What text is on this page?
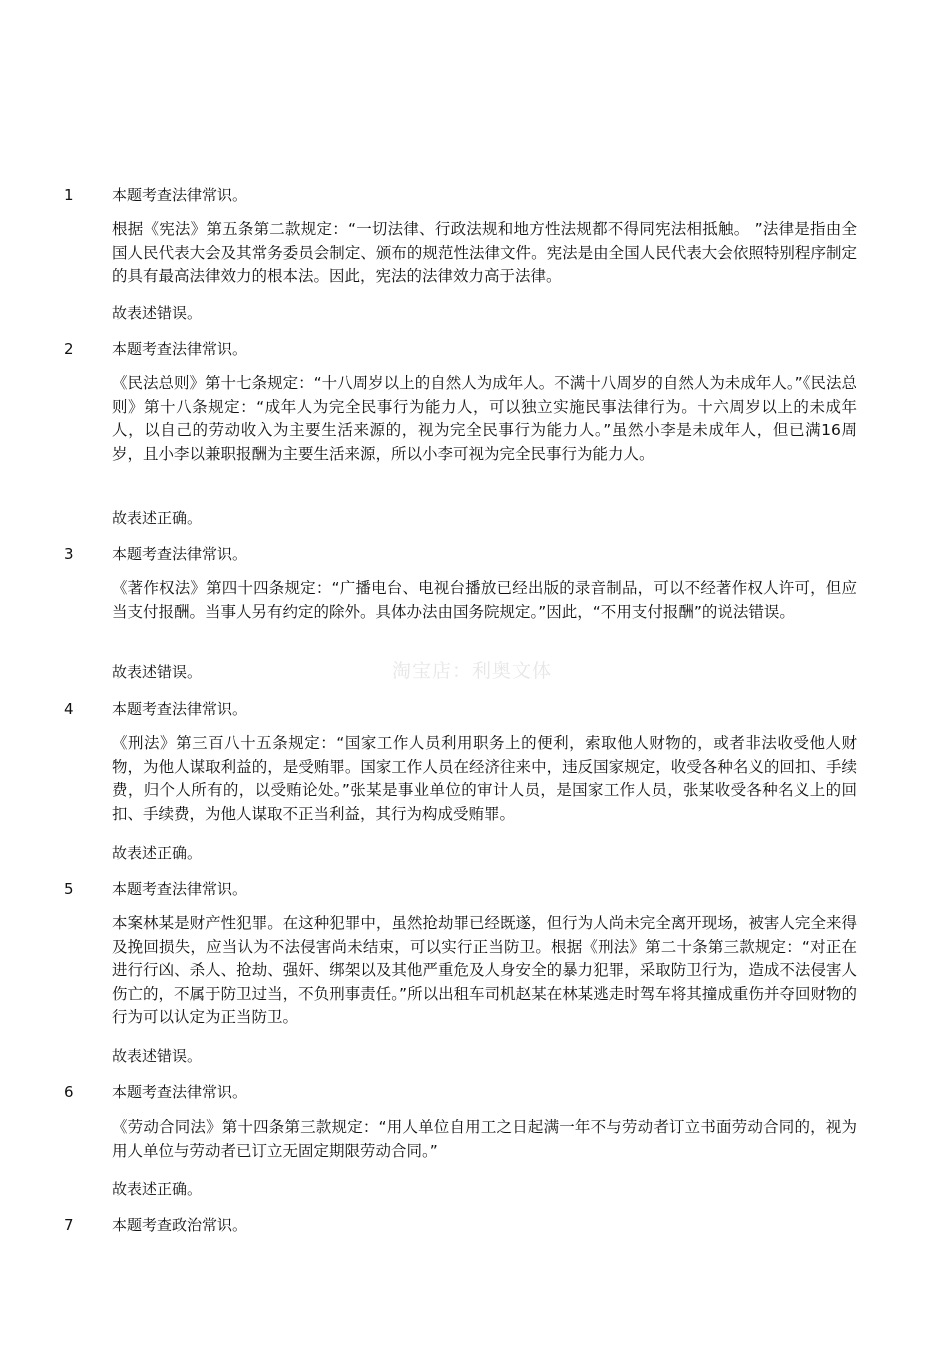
淘宝店：利奥文体
1	本题考查法律常识。
根据《宪法》第五条第二款规定：“一切法律、行政法规和地方性法规都不得同宪法相抵触。 ”法律是指由全国人民代表大会及其常务委员会制定、颁布的规范性法律文件。宪法是由全国人民代表大会依照特别程序制定的具有最高法律效力的根本法。因此，宪法的法律效力高于法律。
故表述错误。
2	本题考查法律常识。
《民法总则》第十七条规定：“十八周岁以上的自然人为成年人。不满十八周岁的自然人为未成年人。”《民法总则》第十八条规定：“成年人为完全民事行为能力人，可以独立实施民事法律行为。十六周岁以上的未成年人，以自己的劳动收入为主要生活来源的，视为完全民事行为能力人。”虽然小李是未成年人，但已满16周岁，且小李以兼职报酬为主要生活来源，所以小李可视为完全民事行为能力人。
故表述正确。
3	本题考查法律常识。
《著作权法》第四十四条规定：“广播电台、电视台播放已经出版的录音制品，可以不经著作权人许可，但应当支付报酬。当事人另有约定的除外。具体办法由国务院规定。”因此，“不用支付报酬”的说法错误。
故表述错误。
4	本题考查法律常识。
《刑法》第三百八十五条规定：“国家工作人员利用职务上的便利，索取他人财物的，或者非法收受他人财物，为他人谋取利益的，是受贿罪。国家工作人员在经济往来中，违反国家规定，收受各种名义的回扣、手续费，归个人所有的，以受贿论处。”张某是事业单位的审计人员，是国家工作人员，张某收受各种名义上的回扣、手续费，为他人谋取不正当利益，其行为构成受贿罪。
故表述正确。
5	本题考查法律常识。
本案林某是财产性犯罪。在这种犯罪中，虽然抢劫罪已经既遂，但行为人尚未完全离开现场，被害人完全来得及挽回损失，应当认为不法侵害尚未结束，可以实行正当防卫。根据《刑法》第二十条第三款规定：“对正在进行行凶、杀人、抢劫、强奸、绑架以及其他严重危及人身安全的暴力犯罪，采取防卫行为，造成不法侵害人伤亡的，不属于防卫过当，不负刑事责任。”所以出租车司机赵某在林某逃走时驾车将其撞成重伤并夺回财物的行为可以认定为正当防卫。
故表述错误。
6	本题考查法律常识。
《劳动合同法》第十四条第三款规定：“用人单位自用工之日起满一年不与劳动者订立书面劳动合同的，视为用人单位与劳动者已订立无固定期限劳动合同。”
故表述正确。
7	本题考查政治常识。
